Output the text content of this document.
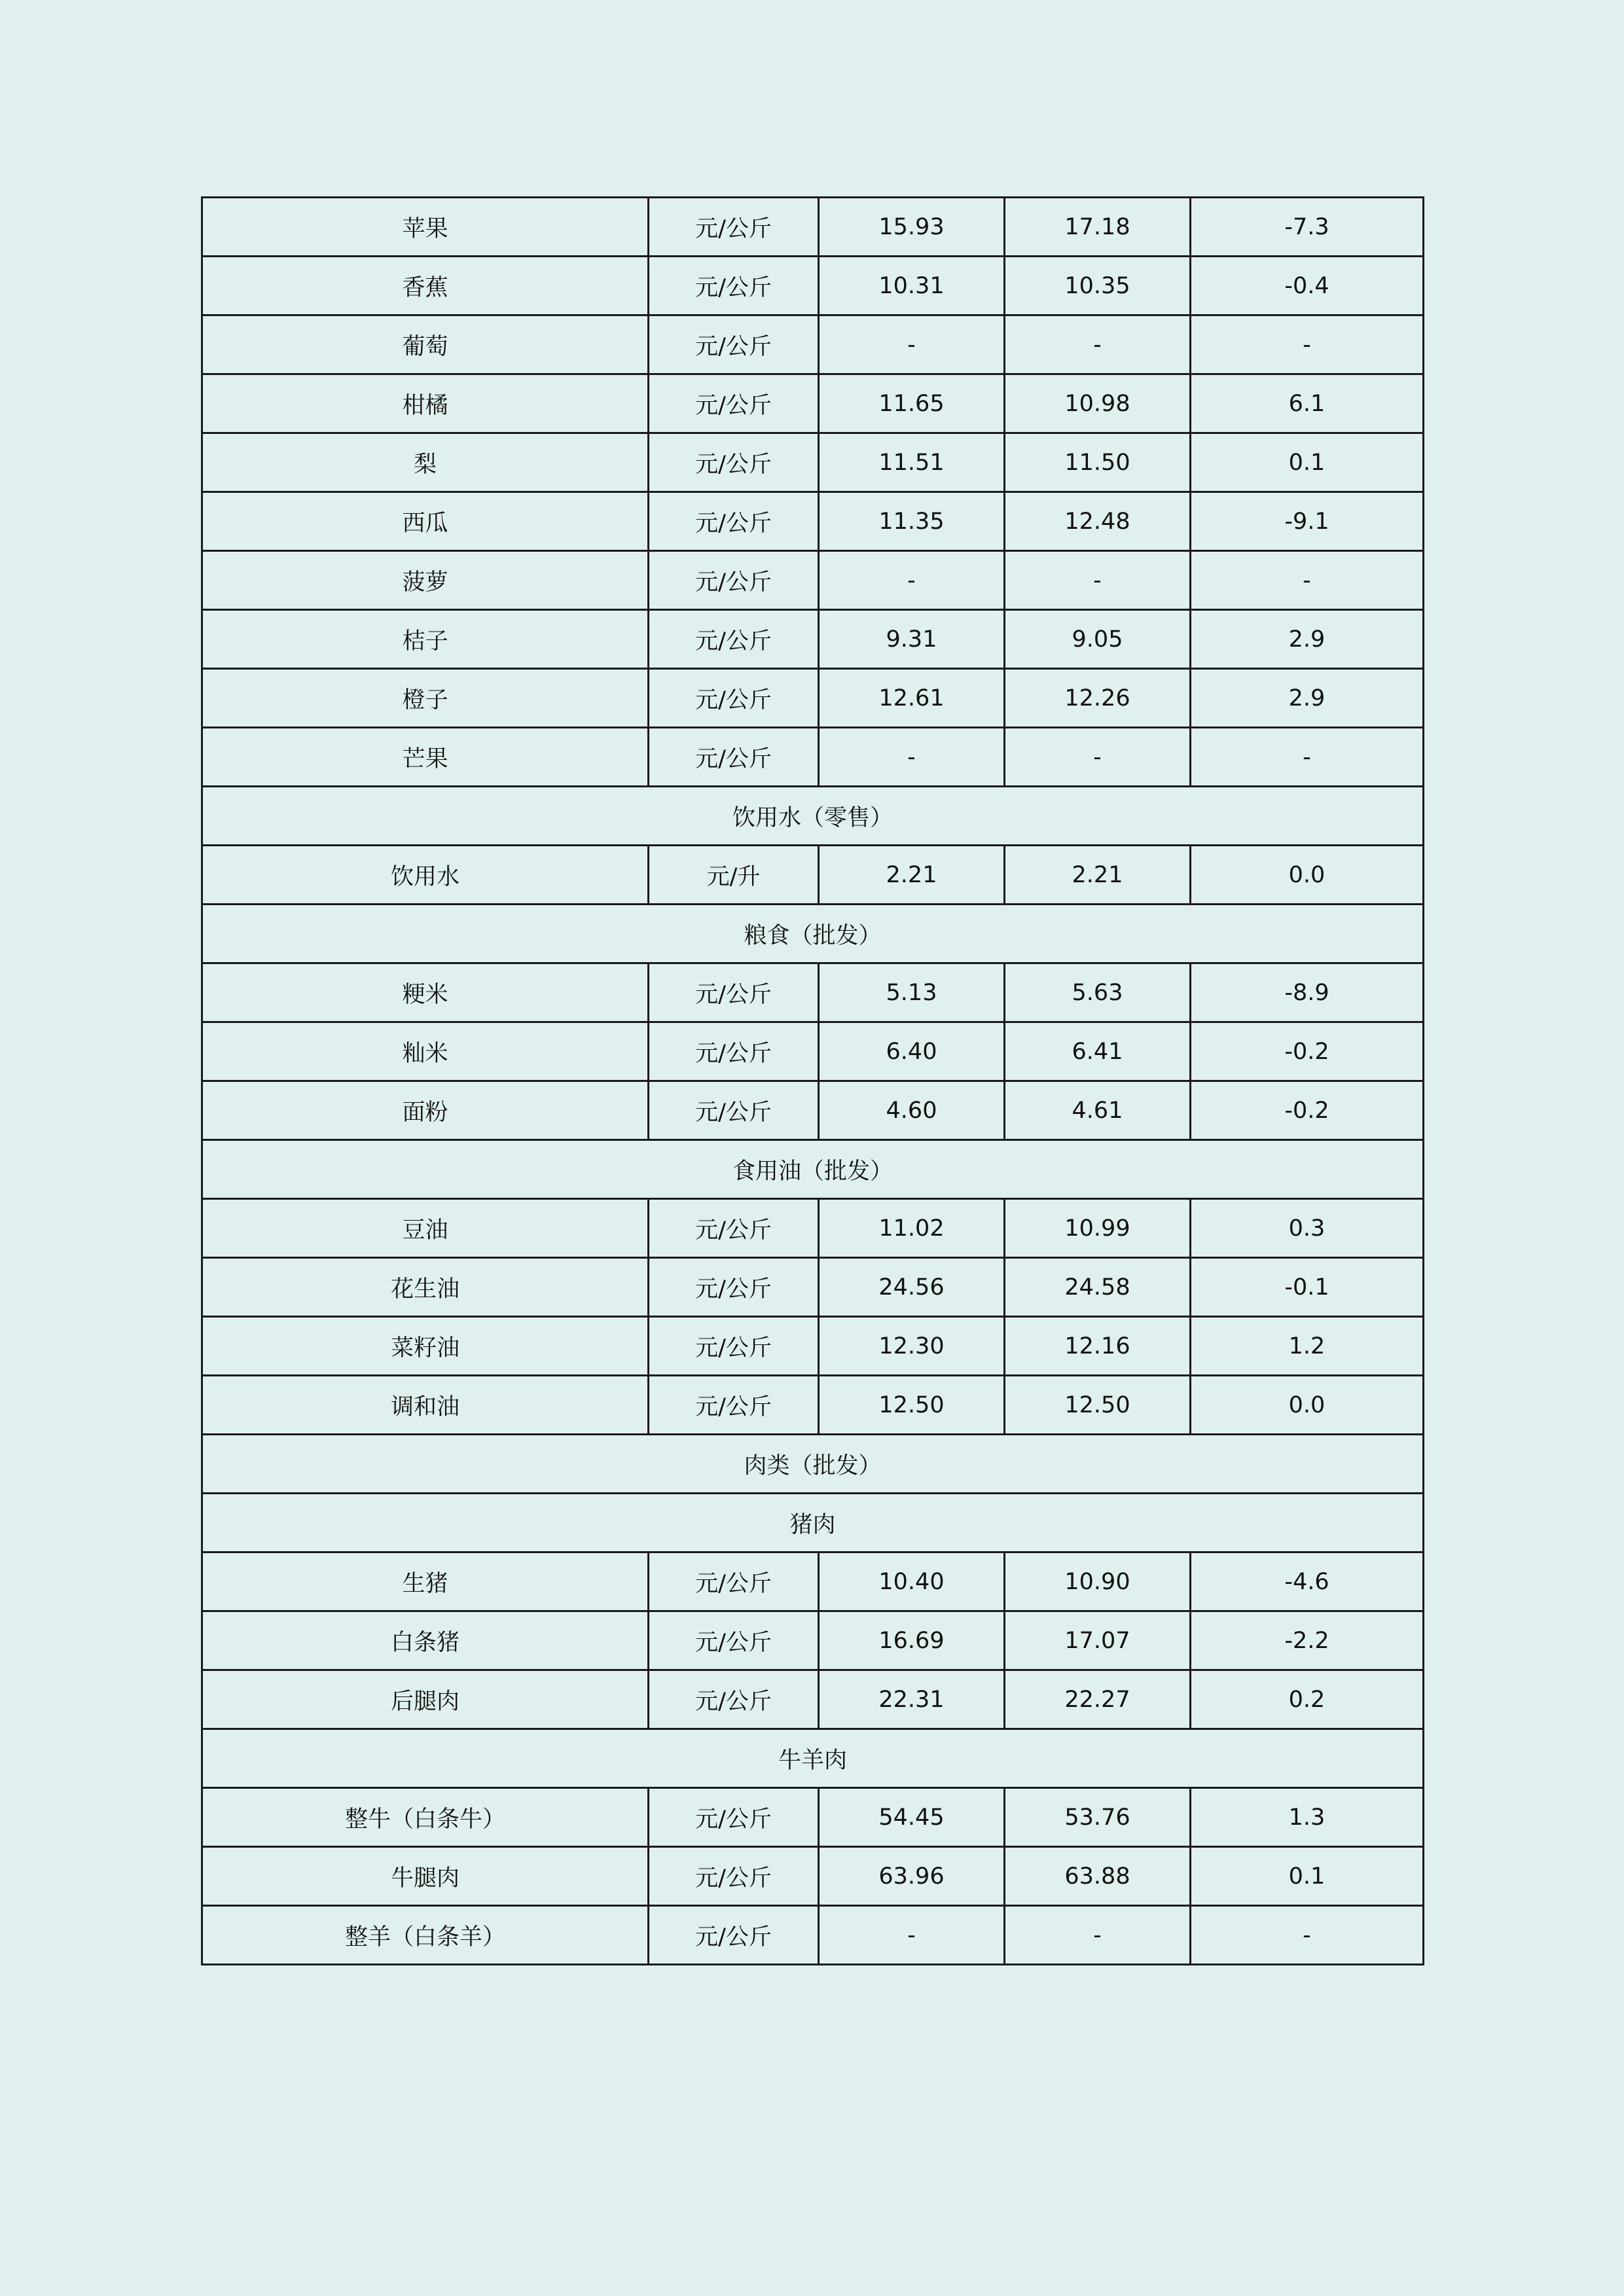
苹果	元/公斤	15.93	17.18	-7.3
香蕉	元/公斤	10.31	10.35	-0.4
葡萄	元/公斤	-	-	-
柑橘	元/公斤	11.65	10.98	6.1
梨	元/公斤	11.51	11.50	0.1
西瓜	元/公斤	11.35	12.48	-9.1
菠萝	元/公斤	-	-	-
桔子	元/公斤	9.31	9.05	2.9
橙子	元/公斤	12.61	12.26	2.9
芒果	元/公斤	-	-	-
饮用水（零售）				
饮用水	元/升	2.21	2.21	0.0
粮食（批发）				
粳米	元/公斤	5.13	5.63	-8.9
籼米	元/公斤	6.40	6.41	-0.2
面粉	元/公斤	4.60	4.61	-0.2
食用油（批发）				
豆油	元/公斤	11.02	10.99	0.3
花生油	元/公斤	24.56	24.58	-0.1
菜籽油	元/公斤	12.30	12.16	1.2
调和油	元/公斤	12.50	12.50	0.0
肉类（批发）				
猪肉				
生猪	元/公斤	10.40	10.90	-4.6
白条猪	元/公斤	16.69	17.07	-2.2
后腿肉	元/公斤	22.31	22.27	0.2
牛羊肉				
整牛（白条牛）	元/公斤	54.45	53.76	1.3
牛腿肉	元/公斤	63.96	63.88	0.1
整羊（白条羊）	元/公斤	-	-	-
